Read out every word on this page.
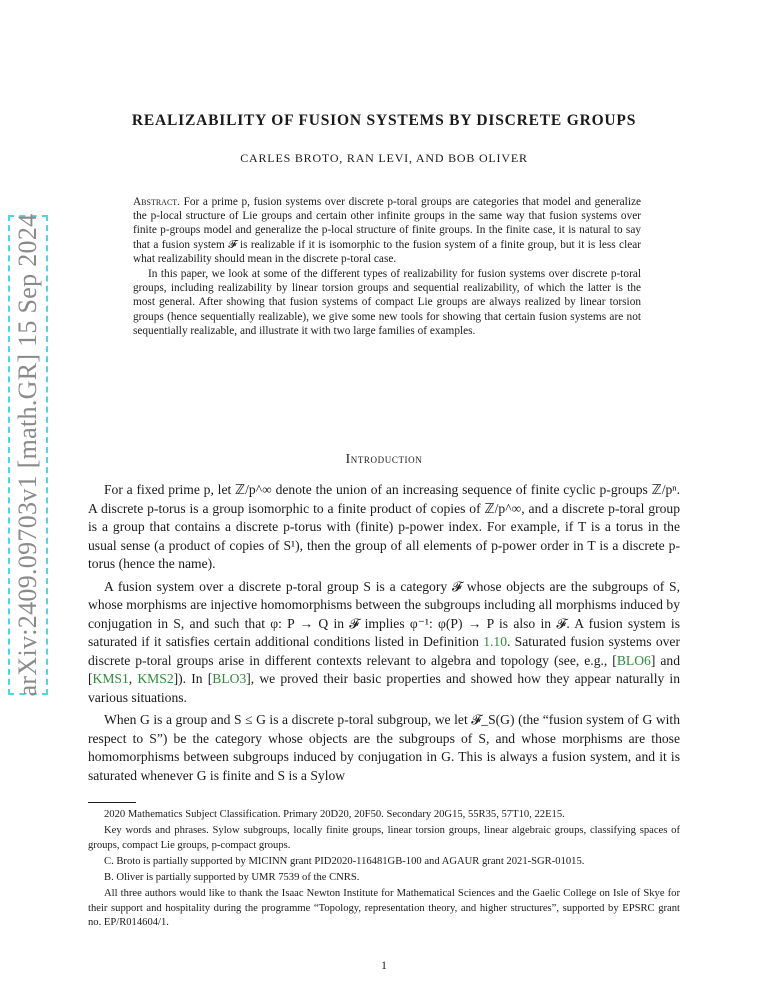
arXiv:2409.09703v1 [math.GR] 15 Sep 2024
REALIZABILITY OF FUSION SYSTEMS BY DISCRETE GROUPS
CARLES BROTO, RAN LEVI, AND BOB OLIVER

Abstract. For a prime p, fusion systems over discrete p-toral groups are categories that model and generalize the p-local structure of Lie groups and certain other infinite groups in the same way that fusion systems over finite p-groups model and generalize the p-local structure of finite groups. In the finite case, it is natural to say that a fusion system 𝓕 is realizable if it is isomorphic to the fusion system of a finite group, but it is less clear what realizability should mean in the discrete p-toral case.

In this paper, we look at some of the different types of realizability for fusion systems over discrete p-toral groups, including realizability by linear torsion groups and sequential realizability, of which the latter is the most general. After showing that fusion systems of compact Lie groups are always realized by linear torsion groups (hence sequentially realizable), we give some new tools for showing that certain fusion systems are not sequentially realizable, and illustrate it with two large families of examples.

Introduction

For a fixed prime p, let ℤ/p^∞ denote the union of an increasing sequence of finite cyclic p-groups ℤ/pⁿ. A discrete p-torus is a group isomorphic to a finite product of copies of ℤ/p^∞, and a discrete p-toral group is a group that contains a discrete p-torus with (finite) p-power index. For example, if T is a torus in the usual sense (a product of copies of S¹), then the group of all elements of p-power order in T is a discrete p-torus (hence the name).

A fusion system over a discrete p-toral group S is a category 𝓕 whose objects are the subgroups of S, whose morphisms are injective homomorphisms between the subgroups including all morphisms induced by conjugation in S, and such that φ: P → Q in 𝓕 implies φ⁻¹: φ(P) → P is also in 𝓕. A fusion system is saturated if it satisfies certain additional conditions listed in Definition 1.10. Saturated fusion systems over discrete p-toral groups arise in different contexts relevant to algebra and topology (see, e.g., [BLO6] and [KMS1, KMS2]). In [BLO3], we proved their basic properties and showed how they appear naturally in various situations.

When G is a group and S ≤ G is a discrete p-toral subgroup, we let 𝓕_S(G) (the “fusion system of G with respect to S”) be the category whose objects are the subgroups of S, and whose morphisms are those homomorphisms between subgroups induced by conjugation in G. This is always a fusion system, and it is saturated whenever G is finite and S is a Sylow

2020 Mathematics Subject Classification. Primary 20D20, 20F50. Secondary 20G15, 55R35, 57T10, 22E15.

Key words and phrases. Sylow subgroups, locally finite groups, linear torsion groups, linear algebraic groups, classifying spaces of groups, compact Lie groups, p-compact groups.

C. Broto is partially supported by MICINN grant PID2020-116481GB-100 and AGAUR grant 2021-SGR-01015.

B. Oliver is partially supported by UMR 7539 of the CNRS.

All three authors would like to thank the Isaac Newton Institute for Mathematical Sciences and the Gaelic College on Isle of Skye for their support and hospitality during the programme “Topology, representation theory, and higher structures”, supported by EPSRC grant no. EP/R014604/1.

1
